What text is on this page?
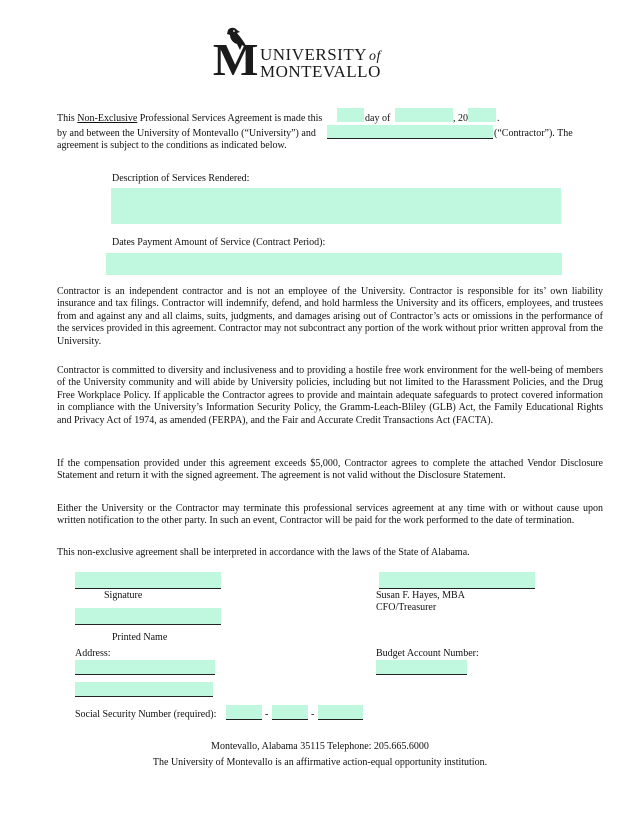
M UNIVERSITY of
MONTEVALLO
This Non-Exclusive Professional Services Agreement is made this	day of	, 20	.
by and between the University of Montevallo (“University”) and	(“Contractor”). The
agreement is subject to the conditions as indicated below.
Description of Services Rendered:
Dates Payment Amount of Service (Contract Period):
Contractor is an independent contractor and is not an employee of the University. Contractor is responsible for its’ own liability insurance and tax filings. Contractor will indemnify, defend, and hold harmless the University and its officers, employees, and trustees from and against any and all claims, suits, judgments, and damages arising out of Contractor’s acts or omissions in the performance of the services provided in this agreement. Contractor may not subcontract any portion of the work without prior written approval from the University.
Contractor is committed to diversity and inclusiveness and to providing a hostile free work environment for the well-being of members of the University community and will abide by University policies, including but not limited to the Harassment Policies, and the Drug Free Workplace Policy. If applicable the Contractor agrees to provide and maintain adequate safeguards to protect covered information in compliance with the University’s Information Security Policy, the Gramm-Leach-Bliley (GLB) Act, the Family Educational Rights and Privacy Act of 1974, as amended (FERPA), and the Fair and Accurate Credit Transactions Act (FACTA).
If the compensation provided under this agreement exceeds $5,000, Contractor agrees to complete the attached Vendor Disclosure Statement and return it with the signed agreement. The agreement is not valid without the Disclosure Statement.
Either the University or the Contractor may terminate this professional services agreement at any time with or without cause upon written notification to the other party. In such an event, Contractor will be paid for the work performed to the date of termination.
This non-exclusive agreement shall be interpreted in accordance with the laws of the State of Alabama.
Signature
Printed Name
Address:
Social Security Number (required):	-	-
Susan F. Hayes, MBA
CFO/Treasurer
Budget Account Number:
Montevallo, Alabama 35115 Telephone: 205.665.6000
The University of Montevallo is an affirmative action-equal opportunity institution.
